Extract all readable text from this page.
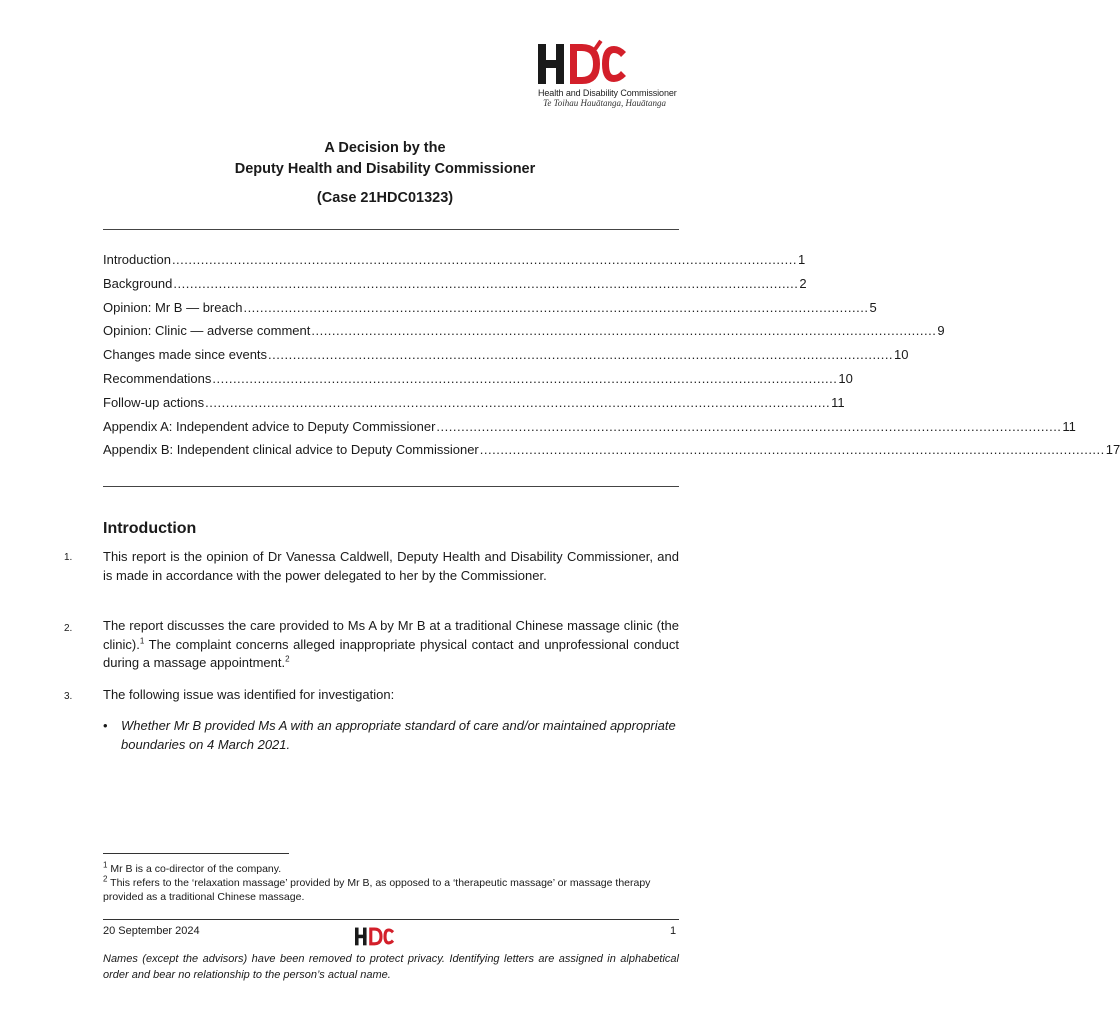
Health and Disability Commissioner
Te Toihau Hauātanga, Hauātanga
A Decision by the
Deputy Health and Disability Commissioner
(Case 21HDC01323)
Introduction ........................................................................................................................................................ 1
Background ........................................................................................................................................................ 2
Opinion: Mr B — breach ........................................................................................................................................................ 5
Opinion: Clinic — adverse comment ........................................................................................................................................................ 9
Changes made since events ........................................................................................................................................................ 10
Recommendations ........................................................................................................................................................ 10
Follow-up actions ........................................................................................................................................................ 11
Appendix A: Independent advice to Deputy Commissioner ........................................................................................................................................................ 11
Appendix B: Independent clinical advice to Deputy Commissioner ........................................................................................................................................................ 17
Introduction
1. This report is the opinion of Dr Vanessa Caldwell, Deputy Health and Disability Commissioner, and is made in accordance with the power delegated to her by the Commissioner.
2. The report discusses the care provided to Ms A by Mr B at a traditional Chinese massage clinic (the clinic).$^1$ The complaint concerns alleged inappropriate physical contact and unprofessional conduct during a massage appointment.$^2$
3. The following issue was identified for investigation:
• Whether Mr B provided Ms A with an appropriate standard of care and/or maintained appropriate boundaries on 4 March 2021.
$^1$ Mr B is a co-director of the company.
$^2$ This refers to the ‘relaxation massage’ provided by Mr B, as opposed to a ‘therapeutic massage’ or massage therapy provided as a traditional Chinese massage.
20 September 2024	1
Names (except the advisors) have been removed to protect privacy. Identifying letters are assigned in alphabetical order and bear no relationship to the person’s actual name.
